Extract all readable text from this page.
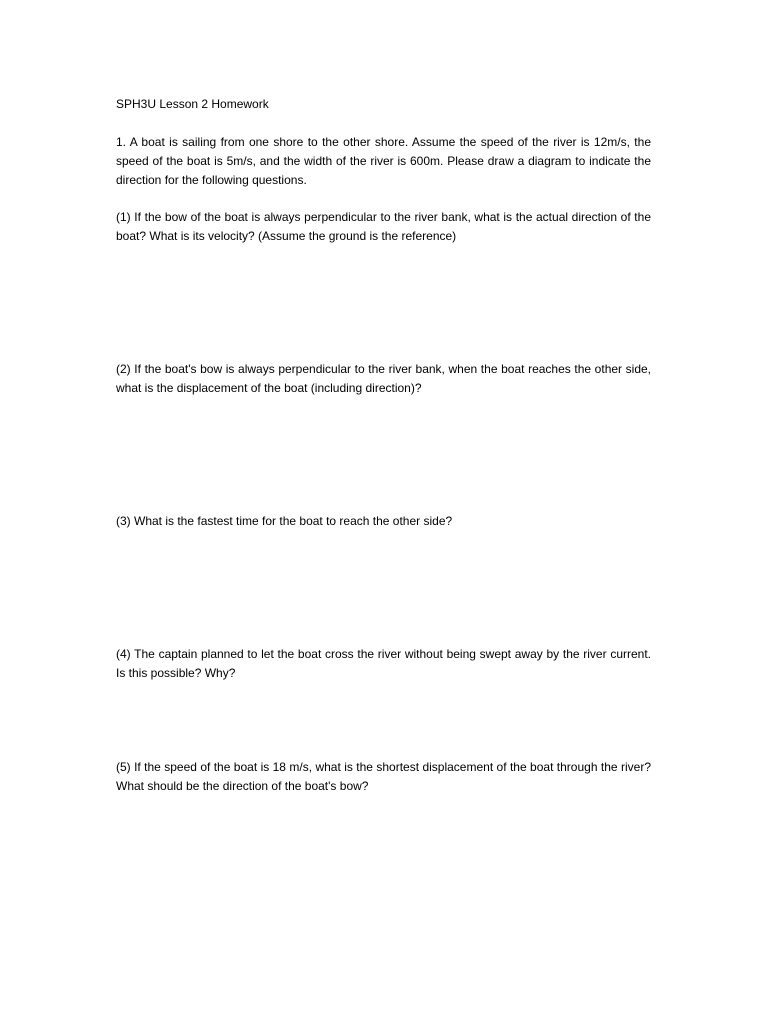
SPH3U Lesson 2 Homework

1. A boat is sailing from one shore to the other shore. Assume the speed of the river is 12m/s, the speed of the boat is 5m/s, and the width of the river is 600m. Please draw a diagram to indicate the direction for the following questions.

(1) If the bow of the boat is always perpendicular to the river bank, what is the actual direction of the boat? What is its velocity? (Assume the ground is the reference)

(2) If the boat's bow is always perpendicular to the river bank, when the boat reaches the other side, what is the displacement of the boat (including direction)?

(3) What is the fastest time for the boat to reach the other side?

(4) The captain planned to let the boat cross the river without being swept away by the river current. Is this possible? Why?

(5) If the speed of the boat is 18 m/s, what is the shortest displacement of the boat through the river? What should be the direction of the boat's bow?
